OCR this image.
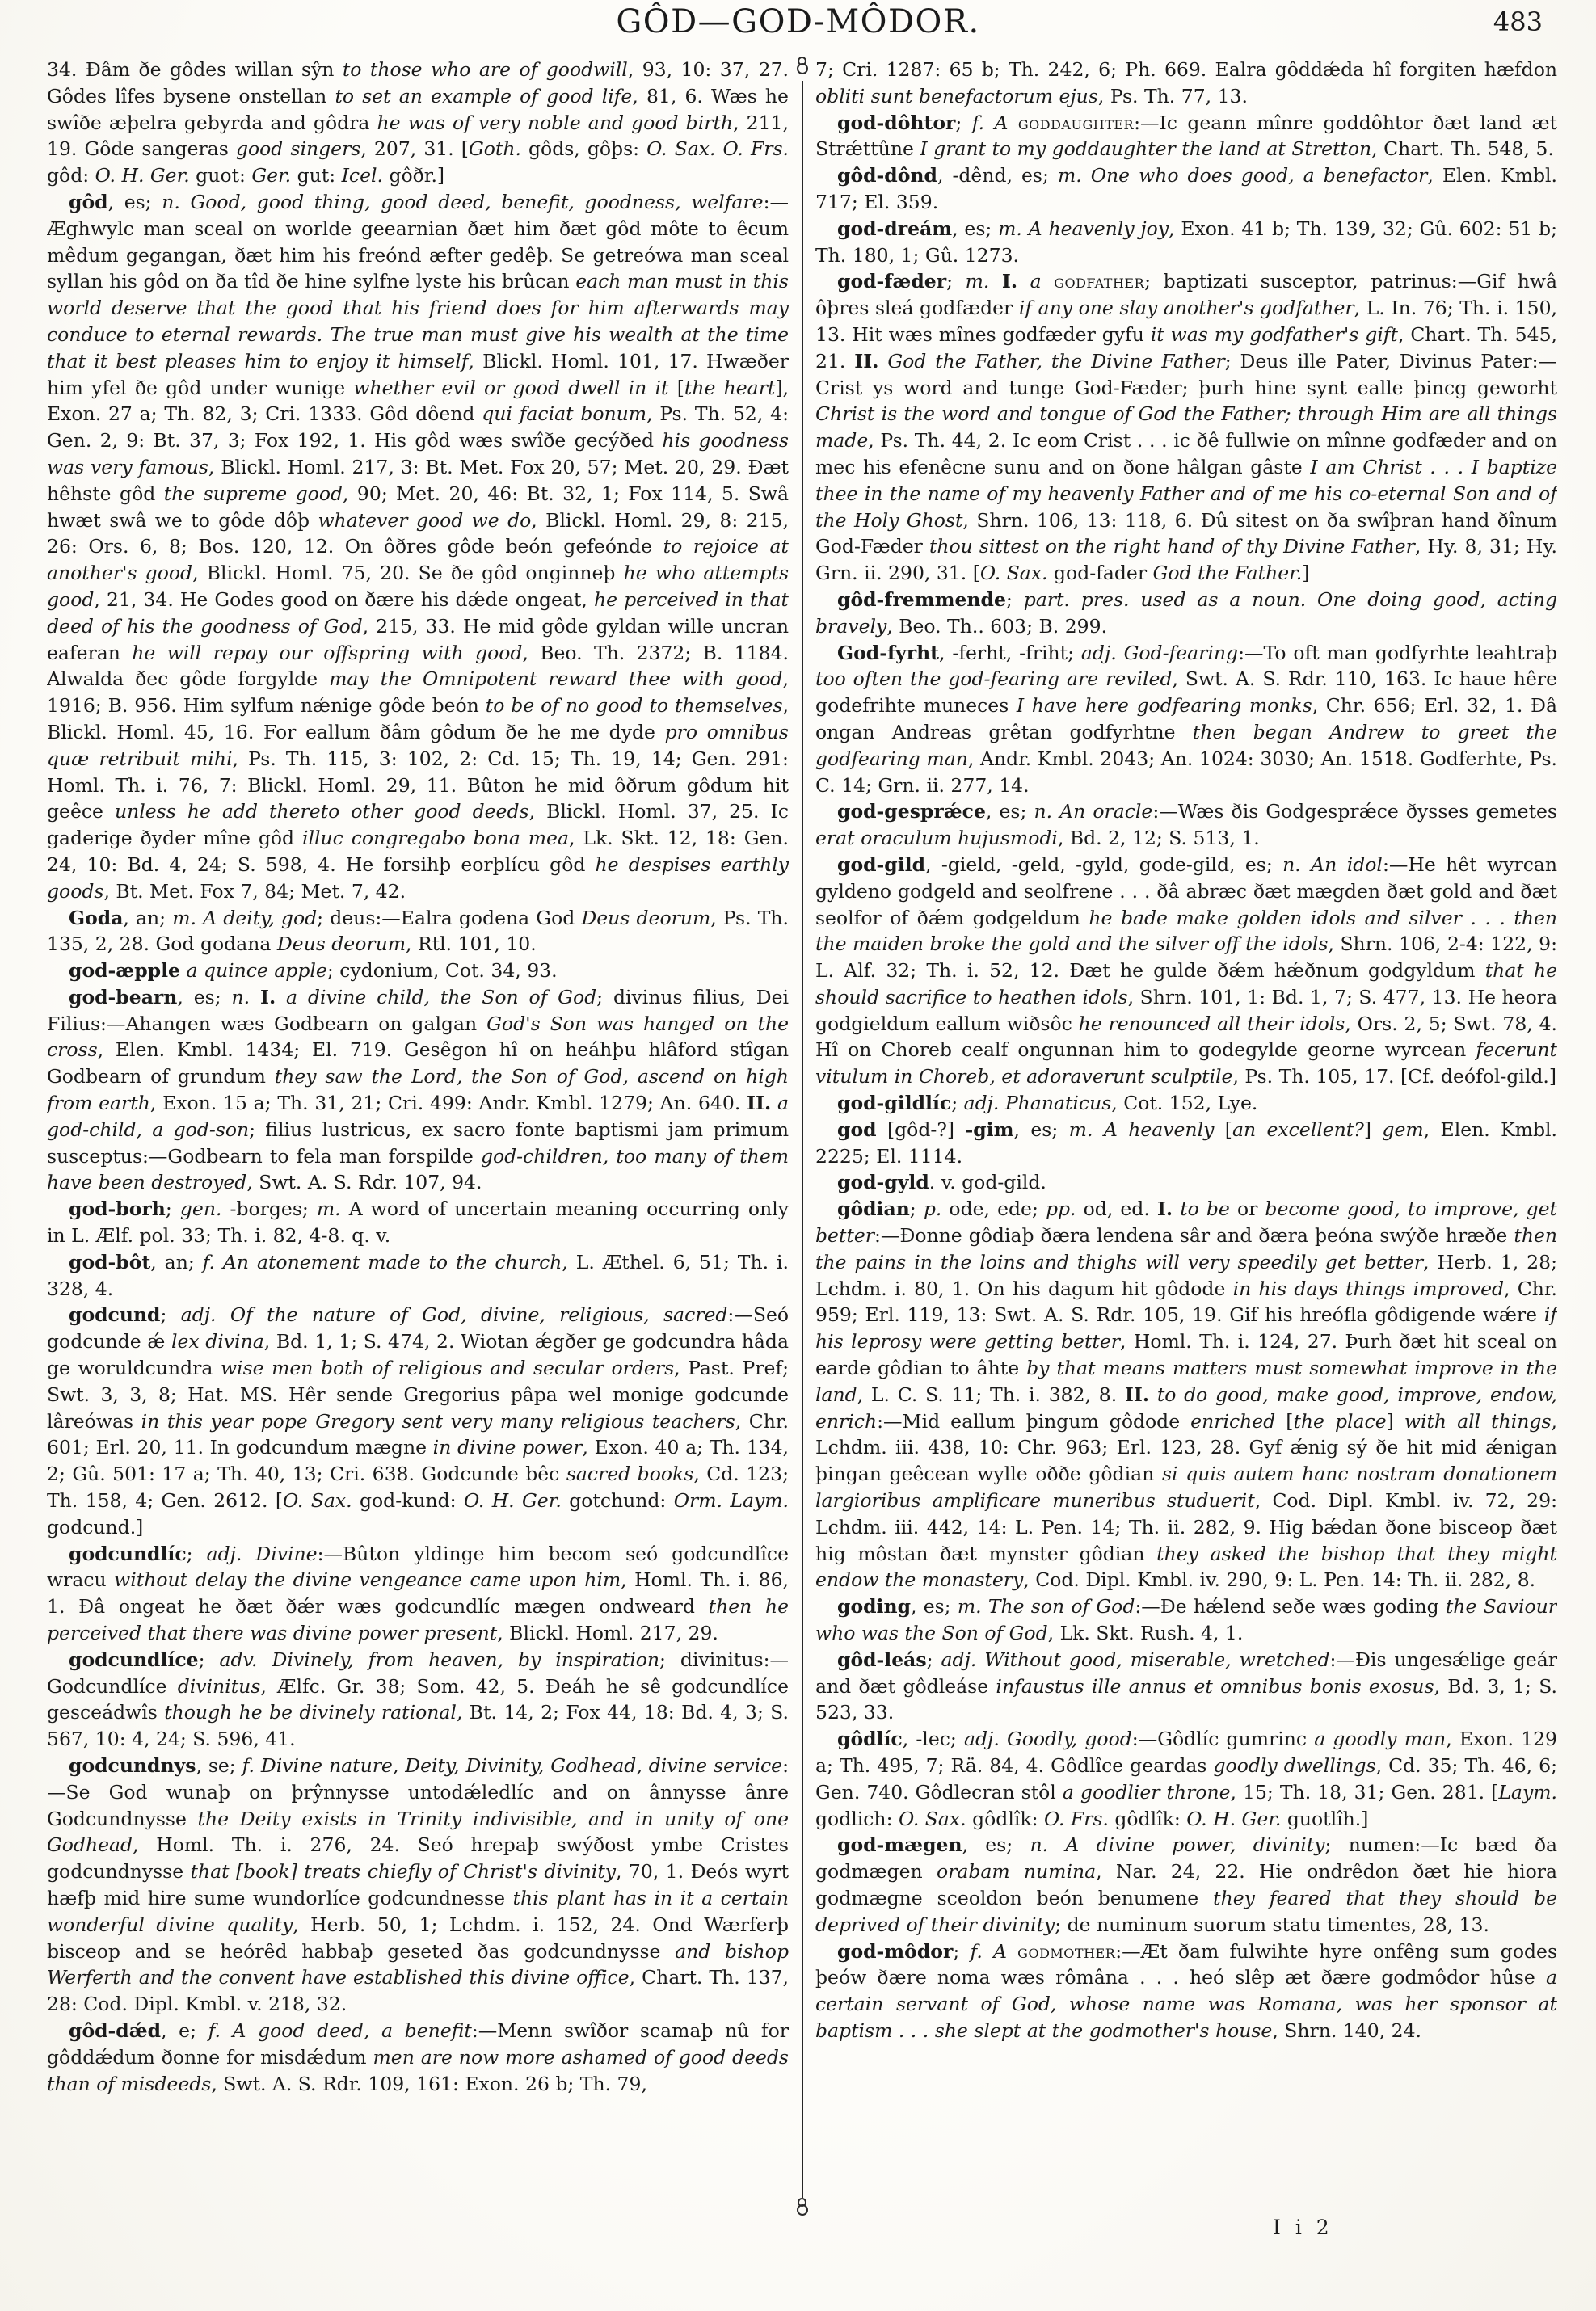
GÔD—GOD-MÔDOR.	483

34. Ðâm ðe gôdes willan sŷn to those who are of goodwill, 93, 10: 37, 27. Gôdes lîfes bysene onstellan to set an example of good life, 81, 6. Wæs he swîðe æþelra gebyrda and gôdra he was of very noble and good birth, 211, 19. Gôde sangeras good singers, 207, 31. [Goth. gôds, gôþs: O. Sax. O. Frs. gôd: O. H. Ger. guot: Ger. gut: Icel. gôðr.]

gôd, es; n. Good, good thing, good deed, benefit, goodness, welfare:—Æghwylc man sceal on worlde geearnian ðæt him ðæt gôd môte to êcum mêdum gegangan, ðæt him his freónd æfter gedêþ. Se getreówa man sceal syllan his gôd on ða tîd ðe hine sylfne lyste his brûcan each man must in this world deserve that the good that his friend does for him afterwards may conduce to eternal rewards. The true man must give his wealth at the time that it best pleases him to enjoy it himself, Blickl. Homl. 101, 17. Hwæðer him yfel ðe gôd under wunige whether evil or good dwell in it [the heart], Exon. 27 a; Th. 82, 3; Cri. 1333. Gôd dôend qui faciat bonum, Ps. Th. 52, 4: Gen. 2, 9: Bt. 37, 3; Fox 192, 1. His gôd wæs swîðe gecýðed his goodness was very famous, Blickl. Homl. 217, 3: Bt. Met. Fox 20, 57; Met. 20, 29. Ðæt hêhste gôd the supreme good, 90; Met. 20, 46: Bt. 32, 1; Fox 114, 5. Swâ hwæt swâ we to gôde dôþ whatever good we do, Blickl. Homl. 29, 8: 215, 26: Ors. 6, 8; Bos. 120, 12. On ôðres gôde beón gefeónde to rejoice at another's good, Blickl. Homl. 75, 20. Se ðe gôd onginneþ he who attempts good, 21, 34. He Godes good on ðære his dǽde ongeat, he perceived in that deed of his the goodness of God, 215, 33. He mid gôde gyldan wille uncran eaferan he will repay our offspring with good, Beo. Th. 2372; B. 1184. Alwalda ðec gôde forgylde may the Omnipotent reward thee with good, 1916; B. 956. Him sylfum nǽnige gôde beón to be of no good to themselves, Blickl. Homl. 45, 16. For eallum ðâm gôdum ðe he me dyde pro omnibus quæ retribuit mihi, Ps. Th. 115, 3: 102, 2: Cd. 15; Th. 19, 14; Gen. 291: Homl. Th. i. 76, 7: Blickl. Homl. 29, 11. Bûton he mid ôðrum gôdum hit geêce unless he add thereto other good deeds, Blickl. Homl. 37, 25. Ic gaderige ðyder mîne gôd illuc congregabo bona mea, Lk. Skt. 12, 18: Gen. 24, 10: Bd. 4, 24; S. 598, 4. He forsihþ eorþlícu gôd he despises earthly goods, Bt. Met. Fox 7, 84; Met. 7, 42.

Goda, an; m. A deity, god; deus:—Ealra godena God Deus deorum, Ps. Th. 135, 2, 28. God godana Deus deorum, Rtl. 101, 10.

god-æpple a quince apple; cydonium, Cot. 34, 93.

god-bearn, es; n. I. a divine child, the Son of God; divinus filius, Dei Filius:—Ahangen wæs Godbearn on galgan God's Son was hanged on the cross, Elen. Kmbl. 1434; El. 719. Gesêgon hî on heáhþu hlâford stîgan Godbearn of grundum they saw the Lord, the Son of God, ascend on high from earth, Exon. 15 a; Th. 31, 21; Cri. 499: Andr. Kmbl. 1279; An. 640. II. a god-child, a god-son; filius lustricus, ex sacro fonte baptismi jam primum susceptus:—Godbearn to fela man forspilde god-children, too many of them have been destroyed, Swt. A. S. Rdr. 107, 94.

god-borh; gen. -borges; m. A word of uncertain meaning occurring only in L. Ælf. pol. 33; Th. i. 82, 4-8. q. v.

god-bôt, an; f. An atonement made to the church, L. Æthel. 6, 51; Th. i. 328, 4.

godcund; adj. Of the nature of God, divine, religious, sacred:—Seó godcunde ǽ lex divina, Bd. 1, 1; S. 474, 2. Wiotan ǽgðer ge godcundra hâda ge woruldcundra wise men both of religious and secular orders, Past. Pref; Swt. 3, 3, 8; Hat. MS. Hêr sende Gregorius pâpa wel monige godcunde lâreówas in this year pope Gregory sent very many religious teachers, Chr. 601; Erl. 20, 11. In godcundum mægne in divine power, Exon. 40 a; Th. 134, 2; Gû. 501: 17 a; Th. 40, 13; Cri. 638. Godcunde bêc sacred books, Cd. 123; Th. 158, 4; Gen. 2612. [O. Sax. god-kund: O. H. Ger. gotchund: Orm. Laym. godcund.]

godcundlíc; adj. Divine:—Bûton yldinge him becom seó godcundlîce wracu without delay the divine vengeance came upon him, Homl. Th. i. 86, 1. Ðâ ongeat he ðæt ðǽr wæs godcundlíc mægen ondweard then he perceived that there was divine power present, Blickl. Homl. 217, 29.

godcundlíce; adv. Divinely, from heaven, by inspiration; divinitus:—Godcundlíce divinitus, Ælfc. Gr. 38; Som. 42, 5. Ðeáh he sê godcundlíce gesceádwîs though he be divinely rational, Bt. 14, 2; Fox 44, 18: Bd. 4, 3; S. 567, 10: 4, 24; S. 596, 41.

godcundnys, se; f. Divine nature, Deity, Divinity, Godhead, divine service:—Se God wunaþ on þrŷnnysse untodǽledlíc and on ânnysse ânre Godcundnysse the Deity exists in Trinity indivisible, and in unity of one Godhead, Homl. Th. i. 276, 24. Seó hrepaþ swýðost ymbe Cristes godcundnysse that [book] treats chiefly of Christ's divinity, 70, 1. Ðeós wyrt hæfþ mid hire sume wundorlíce godcundnesse this plant has in it a certain wonderful divine quality, Herb. 50, 1; Lchdm. i. 152, 24. Ond Wærferþ bisceop and se heórêd habbaþ geseted ðas godcundnysse and bishop Werferth and the convent have established this divine office, Chart. Th. 137, 28: Cod. Dipl. Kmbl. v. 218, 32.

gôd-dǽd, e; f. A good deed, a benefit:—Menn swîðor scamaþ nû for gôddǽdum ðonne for misdǽdum men are now more ashamed of good deeds than of misdeeds, Swt. A. S. Rdr. 109, 161: Exon. 26 b; Th. 79,

7; Cri. 1287: 65 b; Th. 242, 6; Ph. 669. Ealra gôddǽda hî forgiten hæfdon obliti sunt benefactorum ejus, Ps. Th. 77, 13.

god-dôhtor; f. A goddaughter:—Ic geann mînre goddôhtor ðæt land æt Strǽttûne I grant to my goddaughter the land at Stretton, Chart. Th. 548, 5.

gôd-dônd, -dênd, es; m. One who does good, a benefactor, Elen. Kmbl. 717; El. 359.

god-dreám, es; m. A heavenly joy, Exon. 41 b; Th. 139, 32; Gû. 602: 51 b; Th. 180, 1; Gû. 1273.

god-fæder; m. I. a godfather; baptizati susceptor, patrinus:—Gif hwâ ôþres sleá godfæder if any one slay another's godfather, L. In. 76; Th. i. 150, 13. Hit wæs mînes godfæder gyfu it was my godfather's gift, Chart. Th. 545, 21. II. God the Father, the Divine Father; Deus ille Pater, Divinus Pater:—Crist ys word and tunge God-Fæder; þurh hine synt ealle þincg geworht Christ is the word and tongue of God the Father; through Him are all things made, Ps. Th. 44, 2. Ic eom Crist . . . ic ðê fullwie on mînne godfæder and on mec his efenêcne sunu and on ðone hâlgan gâste I am Christ . . . I baptize thee in the name of my heavenly Father and of me his co-eternal Son and of the Holy Ghost, Shrn. 106, 13: 118, 6. Ðû sitest on ða swîþran hand ðînum God-Fæder thou sittest on the right hand of thy Divine Father, Hy. 8, 31; Hy. Grn. ii. 290, 31. [O. Sax. god-fader God the Father.]

gôd-fremmende; part. pres. used as a noun. One doing good, acting bravely, Beo. Th.. 603; B. 299.

God-fyrht, -ferht, -friht; adj. God-fearing:—To oft man godfyrhte leahtraþ too often the god-fearing are reviled, Swt. A. S. Rdr. 110, 163. Ic haue hêre godefrihte muneces I have here godfearing monks, Chr. 656; Erl. 32, 1. Ðâ ongan Andreas grêtan godfyrhtne then began Andrew to greet the godfearing man, Andr. Kmbl. 2043; An. 1024: 3030; An. 1518. Godferhte, Ps. C. 14; Grn. ii. 277, 14.

god-gesprǽce, es; n. An oracle:—Wæs ðis Godgesprǽce ðysses gemetes erat oraculum hujusmodi, Bd. 2, 12; S. 513, 1.

god-gild, -gield, -geld, -gyld, gode-gild, es; n. An idol:—He hêt wyrcan gyldeno godgeld and seolfrene . . . ðâ abræc ðæt mægden ðæt gold and ðæt seolfor of ðǽm godgeldum he bade make golden idols and silver . . . then the maiden broke the gold and the silver off the idols, Shrn. 106, 2-4: 122, 9: L. Alf. 32; Th. i. 52, 12. Ðæt he gulde ðǽm hǽðnum godgyldum that he should sacrifice to heathen idols, Shrn. 101, 1: Bd. 1, 7; S. 477, 13. He heora godgieldum eallum wiðsôc he renounced all their idols, Ors. 2, 5; Swt. 78, 4. Hî on Choreb cealf ongunnan him to godegylde georne wyrcean fecerunt vitulum in Choreb, et adoraverunt sculptile, Ps. Th. 105, 17. [Cf. deófol-gild.]

god-gildlíc; adj. Phanaticus, Cot. 152, Lye.

god [gôd-?] -gim, es; m. A heavenly [an excellent?] gem, Elen. Kmbl. 2225; El. 1114.

god-gyld. v. god-gild.

gôdian; p. ode, ede; pp. od, ed. I. to be or become good, to improve, get better:—Ðonne gôdiaþ ðæra lendena sâr and ðæra þeóna swýðe hræðe then the pains in the loins and thighs will very speedily get better, Herb. 1, 28; Lchdm. i. 80, 1. On his dagum hit gôdode in his days things improved, Chr. 959; Erl. 119, 13: Swt. A. S. Rdr. 105, 19. Gif his hreófla gôdigende wǽre if his leprosy were getting better, Homl. Th. i. 124, 27. Þurh ðæt hit sceal on earde gôdian to âhte by that means matters must somewhat improve in the land, L. C. S. 11; Th. i. 382, 8. II. to do good, make good, improve, endow, enrich:—Mid eallum þingum gôdode enriched [the place] with all things, Lchdm. iii. 438, 10: Chr. 963; Erl. 123, 28. Gyf ǽnig sý ðe hit mid ǽnigan þingan geêcean wylle oððe gôdian si quis autem hanc nostram donationem largioribus amplificare muneribus studuerit, Cod. Dipl. Kmbl. iv. 72, 29: Lchdm. iii. 442, 14: L. Pen. 14; Th. ii. 282, 9. Hig bǽdan ðone bisceop ðæt hig môstan ðæt mynster gôdian they asked the bishop that they might endow the monastery, Cod. Dipl. Kmbl. iv. 290, 9: L. Pen. 14: Th. ii. 282, 8.

goding, es; m. The son of God:—Ðe hǽlend seðe wæs goding the Saviour who was the Son of God, Lk. Skt. Rush. 4, 1.

gôd-leás; adj. Without good, miserable, wretched:—Ðis ungesǽlige geár and ðæt gôdleáse infaustus ille annus et omnibus bonis exosus, Bd. 3, 1; S. 523, 33.

gôdlíc, -lec; adj. Goodly, good:—Gôdlíc gumrinc a goodly man, Exon. 129 a; Th. 495, 7; Rä. 84, 4. Gôdlîce geardas goodly dwellings, Cd. 35; Th. 46, 6; Gen. 740. Gôdlecran stôl a goodlier throne, 15; Th. 18, 31; Gen. 281. [Laym. godlich: O. Sax. gôdlîk: O. Frs. gôdlîk: O. H. Ger. guotlîh.]

god-mægen, es; n. A divine power, divinity; numen:—Ic bæd ða godmægen orabam numina, Nar. 24, 22. Hie ondrêdon ðæt hie hiora godmægne sceoldon beón benumene they feared that they should be deprived of their divinity; de numinum suorum statu timentes, 28, 13.

god-môdor; f. A godmother:—Æt ðam fulwihte hyre onfêng sum godes þeów ðære noma wæs rômâna . . . heó slêp æt ðære godmôdor hûse a certain servant of God, whose name was Romana, was her sponsor at baptism . . . she slept at the godmother's house, Shrn. 140, 24.

I i 2
